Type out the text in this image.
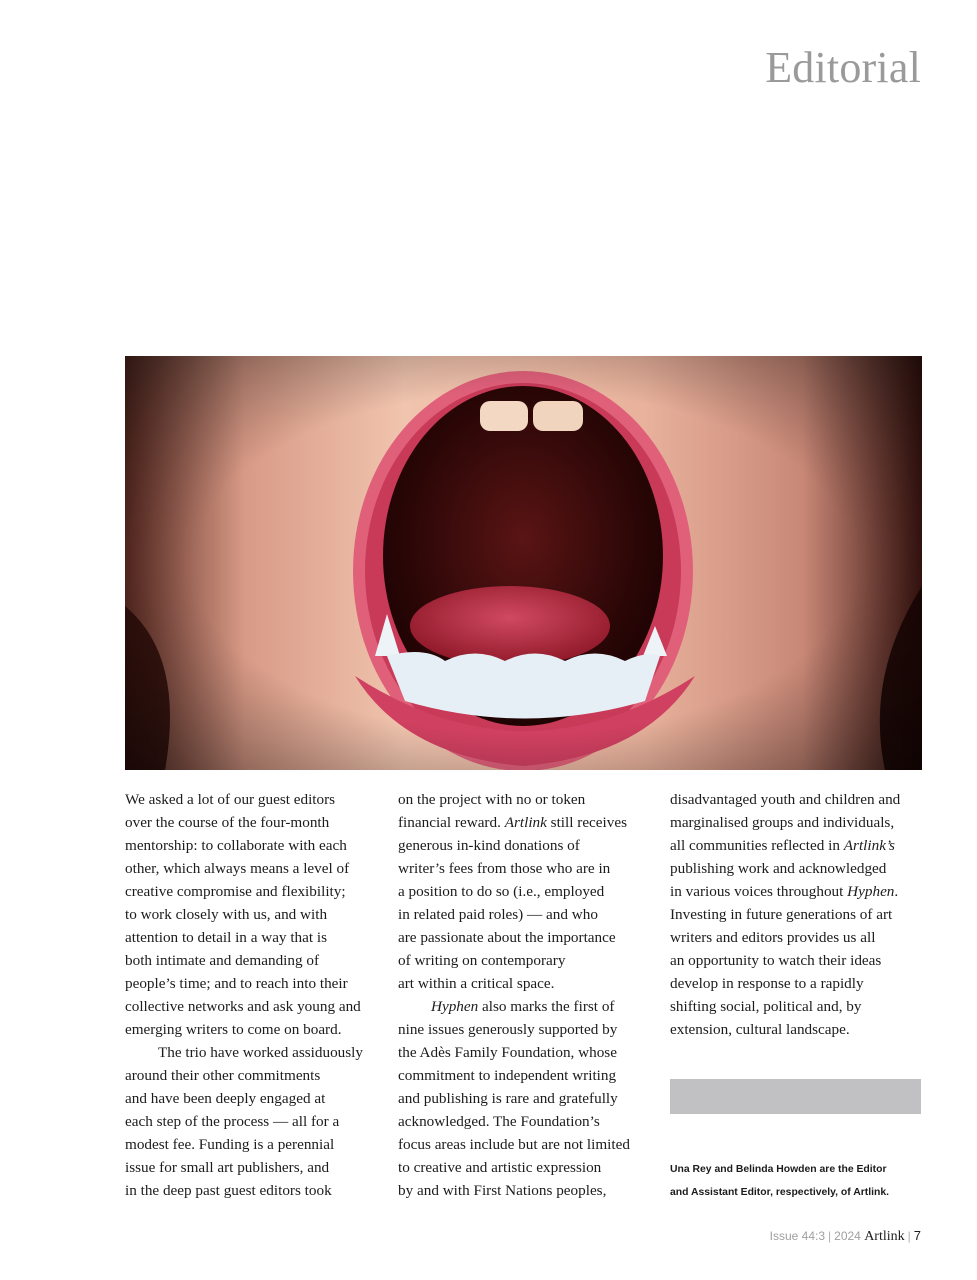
Editorial

We asked a lot of our guest editors
over the course of the four-month
mentorship: to collaborate with each
other, which always means a level of
creative compromise and flexibility;
to work closely with us, and with
attention to detail in a way that is
both intimate and demanding of
people’s time; and to reach into their
collective networks and ask young and
emerging writers to come on board.

The trio have worked assiduously
around their other commitments
and have been deeply engaged at
each step of the process — all for a
modest fee. Funding is a perennial
issue for small art publishers, and
in the deep past guest editors took

on the project with no or token
financial reward. Artlink still receives
generous in-kind donations of
writer’s fees from those who are in
a position to do so (i.e., employed
in related paid roles) — and who
are passionate about the importance
of writing on contemporary
art within a critical space.

Hyphen also marks the first of
nine issues generously supported by
the Adès Family Foundation, whose
commitment to independent writing
and publishing is rare and gratefully
acknowledged. The Foundation’s
focus areas include but are not limited
to creative and artistic expression
by and with First Nations peoples,

disadvantaged youth and children and
marginalised groups and individuals,
all communities reflected in Artlink’s
publishing work and acknowledged
in various voices throughout Hyphen.
Investing in future generations of art
writers and editors provides us all
an opportunity to watch their ideas
develop in response to a rapidly
shifting social, political and, by
extension, cultural landscape.

Una Rey and Belinda Howden are the Editor
and Assistant Editor, respectively, of Artlink.
Issue 44:3 | 2024 Artlink | 7
